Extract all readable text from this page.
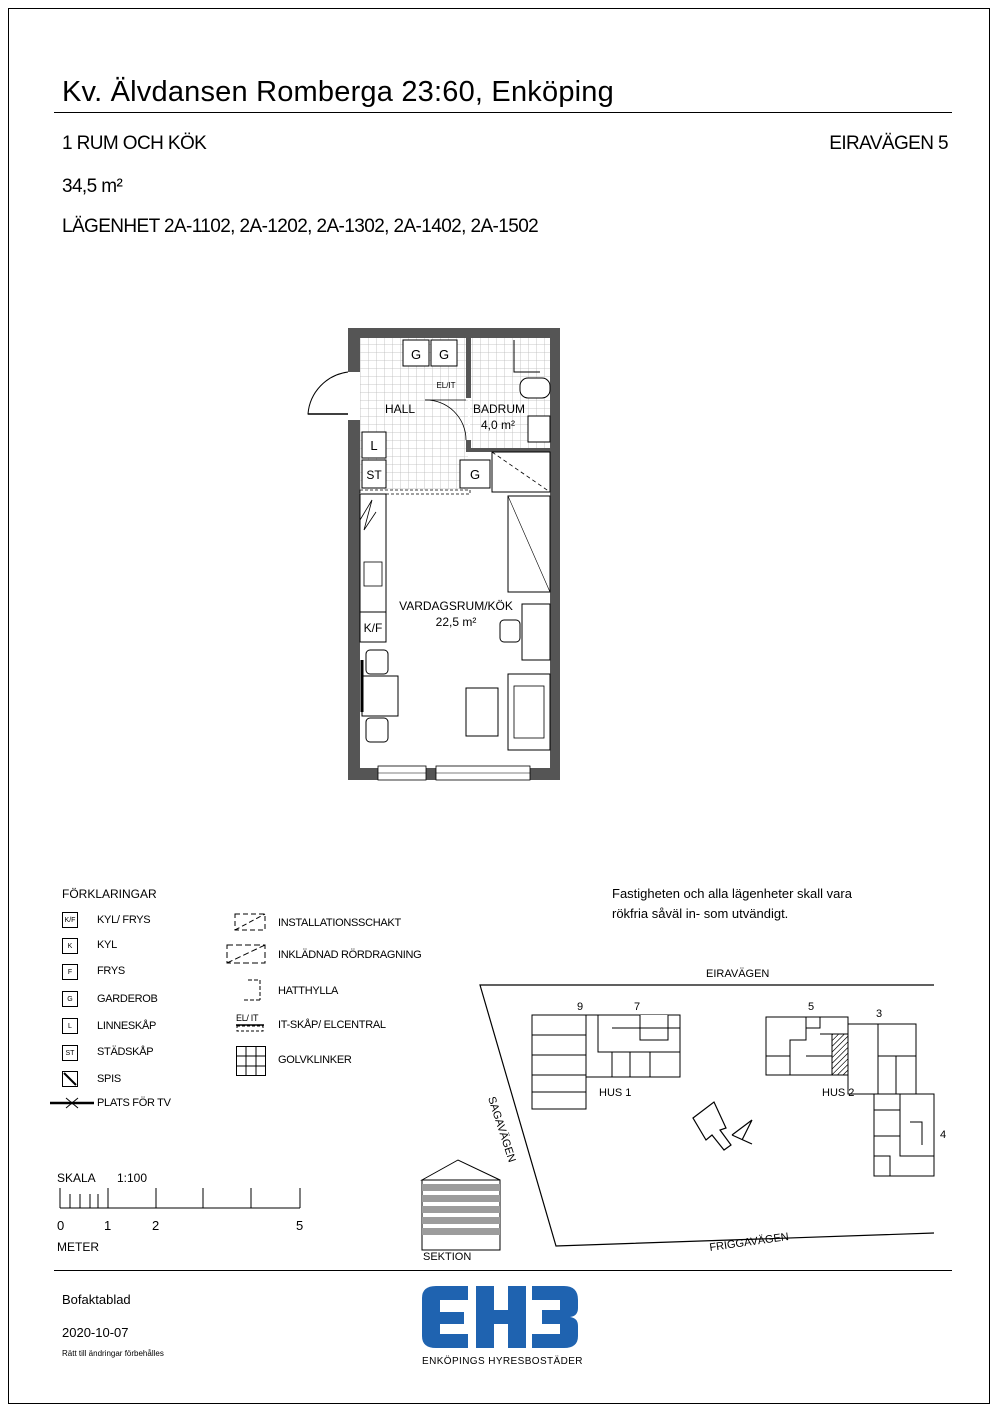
Kv. Älvdansen Romberga 23:60, Enköping
1 RUM OCH KÖK	EIRAVÄGEN 5
34,5 m²
LÄGENHET 2A-1102, 2A-1202, 2A-1302, 2A-1402, 2A-1502
G G
G
EL/IT
HALL	BADRUM
4,0 m²
L
ST
K/F
VARDAGSRUM/KÖK
22,5 m²
FÖRKLARINGAR
K/F KYL/ FRYS
K	KYL
F	FRYS
G	GARDEROB
L	LINNESKÅP
ST	STÄDSKÅP
SPIS
PLATS FÖR TV
INSTALLATIONSSCHAKT
INKLÄDNAD RÖRDRAGNING
HATTHYLLA
EL/ IT
IT-SKÅP/ ELCENTRAL
GOLVKLINKER
SKALA 1:100
0	1	2	5
METER
SEKTION
Fastigheten och alla lägenheter skall vara
rökfria såväl in- som utvändigt.
EIRAVÄGEN
SAGAVÄGEN
FRIGGAVÄGEN
HUS 1	HUS 2
9	7	5
3
4
Bofaktablad
2020-10-07
Rätt till ändringar förbehålles
ENKÖPINGS HYRESBOSTÄDER
